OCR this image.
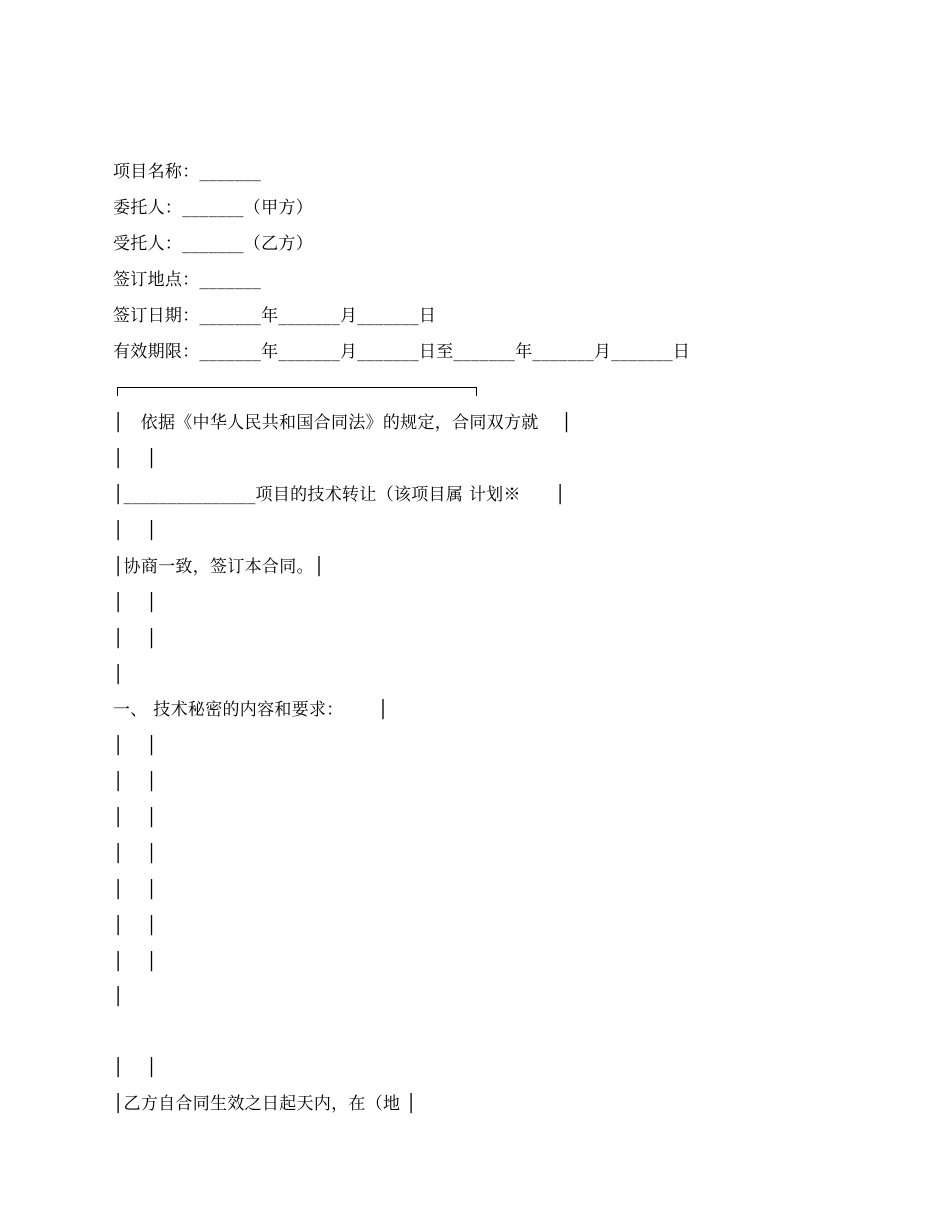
项目名称：_______
委托人：_______（甲方）
受托人：_______（乙方）
签订地点：_______
签订日期：_______年_______月_______日
有效期限：_______年_______月_______日至_______年_______月_______日
│   依据《中华人民共和国合同法》的规定，合同双方就    │
│    │
│_______________项目的技术转让（该项目属 计划※      │
│    │
│协商一致，签订本合同。│
│    │
│    │
│
一、 技术秘密的内容和要求：      │
│    │
│    │
│    │
│    │
│    │
│    │
│    │
│
│    │
│乙方自合同生效之日起天内，在（地 │
